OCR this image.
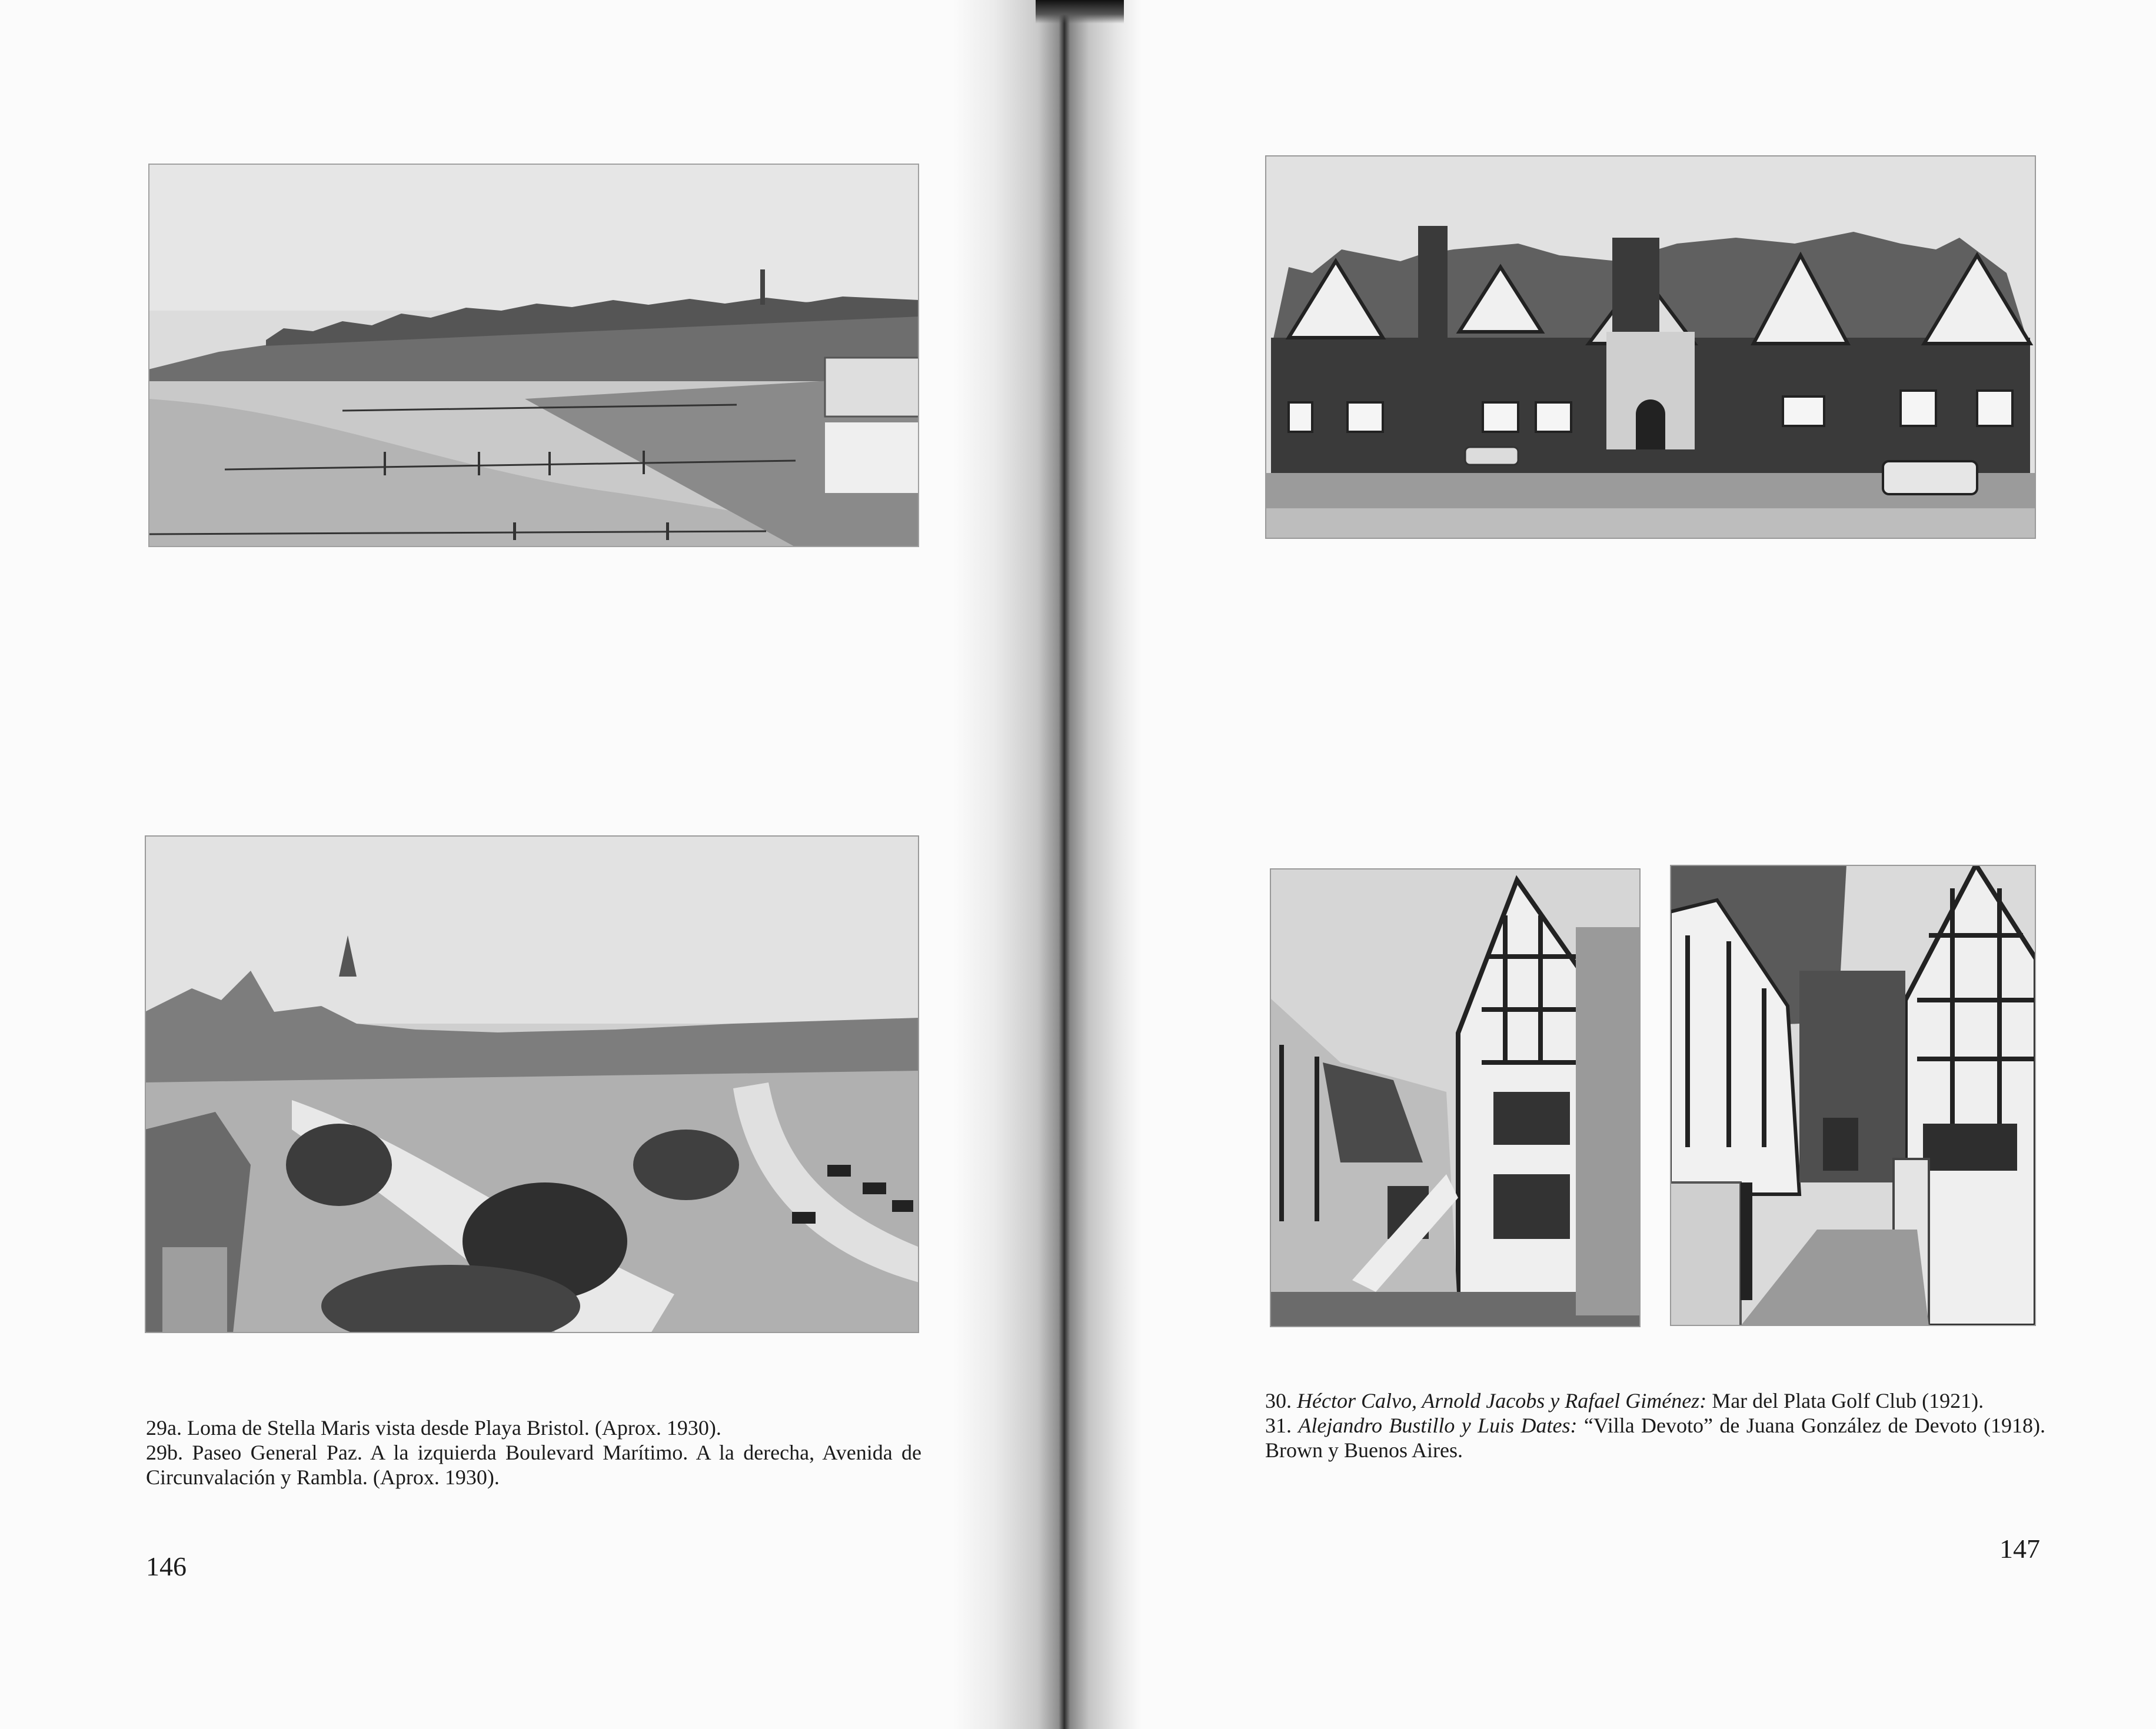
29a. Loma de Stella Maris vista desde Playa Bristol. (Aprox. 1930).

29b. Paseo General Paz. A la izquierda Boulevard Marítimo. A la derecha, Avenida de Circunvalación y Rambla. (Aprox. 1930).

146

30. Héctor Calvo, Arnold Jacobs y Rafael Giménez: Mar del Plata Golf Club (1921).

31. Alejandro Bustillo y Luis Dates: “Villa Devoto” de Juana González de Devoto (1918). Brown y Buenos Aires.

147
